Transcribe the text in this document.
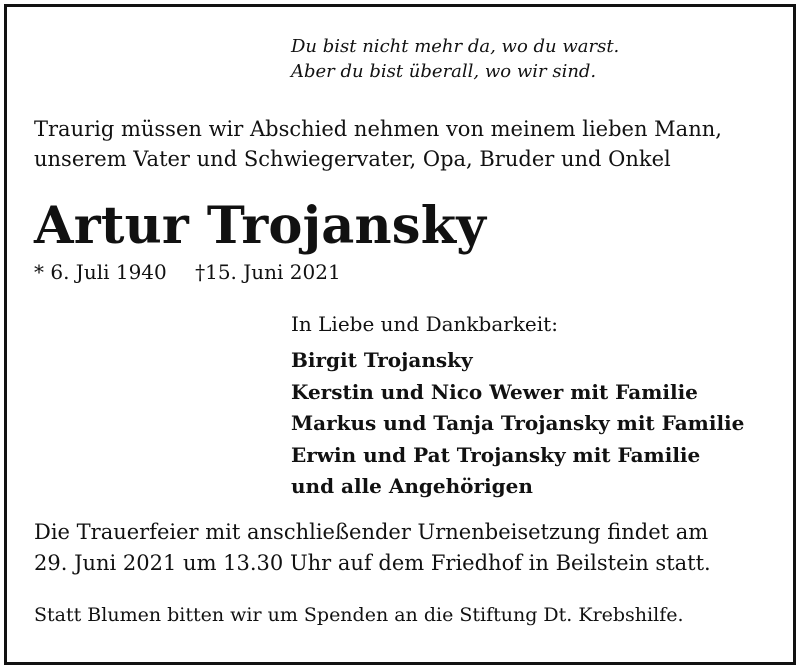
Du bist nicht mehr da, wo du warst.
Aber du bist überall, wo wir sind.
Traurig müssen wir Abschied nehmen von meinem lieben Mann,
unserem Vater und Schwiegervater, Opa, Bruder und Onkel
Artur Trojansky
* 6. Juli 1940 †15. Juni 2021
In Liebe und Dankbarkeit:
Birgit Trojansky
Kerstin und Nico Wewer mit Familie
Markus und Tanja Trojansky mit Familie
Erwin und Pat Trojansky mit Familie
und alle Angehörigen
Die Trauerfeier mit anschließender Urnenbeisetzung findet am
29. Juni 2021 um 13.30 Uhr auf dem Friedhof in Beilstein statt.
Statt Blumen bitten wir um Spenden an die Stiftung Dt. Krebshilfe.
